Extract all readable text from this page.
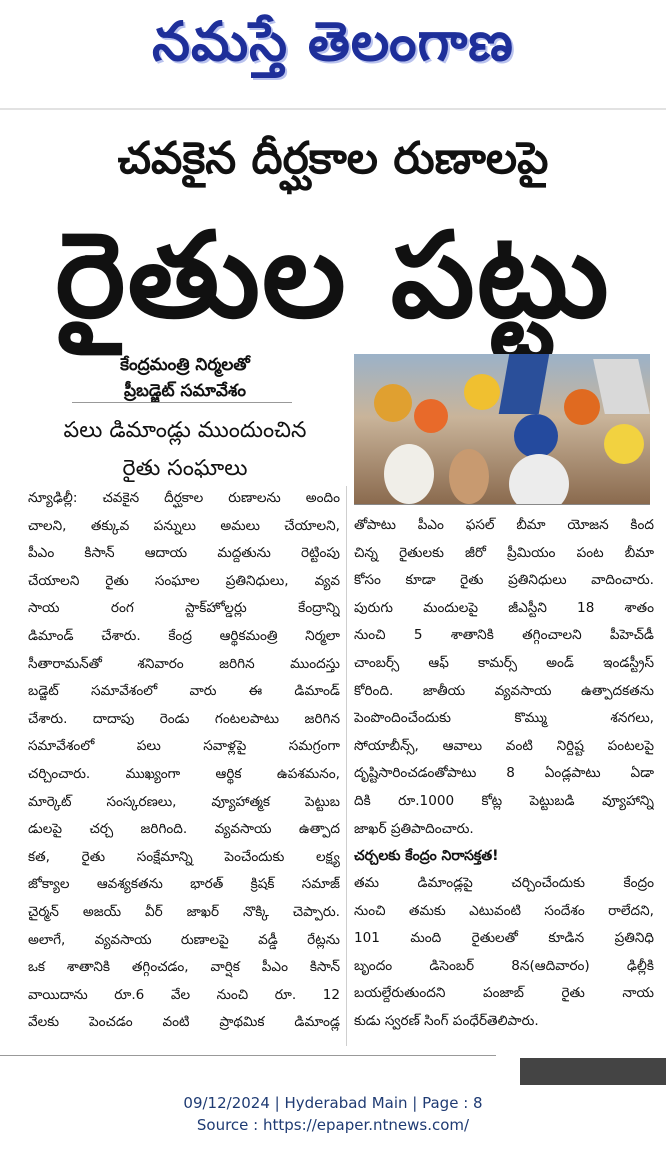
నమస్తే తెలంగాణ
చవకైన దీర్ఘకాల రుణాలపై
రైతుల పట్టు
కేంద్రమంత్రి నిర్మలతో
ప్రీబడ్జెట్ సమావేశం
పలు డిమాండ్లు ముందుంచిన
రైతు సంఘాలు
న్యూఢిల్లీ: చవకైన దీర్ఘకాల రుణాలను అందిం
చాలని, తక్కువ పన్నులు అమలు చేయాలని,
పీఎం కిసాన్ ఆదాయ మద్దతును రెట్టింపు
చేయాలని రైతు సంఘాల ప్రతినిధులు, వ్యవ
సాయ రంగ స్టాక్‌హోల్డర్లు కేంద్రాన్ని
డిమాండ్ చేశారు. కేంద్ర ఆర్థికమంత్రి నిర్మలా
సీతారామన్‌తో శనివారం జరిగిన ముందస్తు
బడ్జెట్ సమావేశంలో వారు ఈ డిమాండ్
చేశారు. దాదాపు రెండు గంటలపాటు జరిగిన
సమావేశంలో పలు సవాళ్లపై సమగ్రంగా
చర్చించారు. ముఖ్యంగా ఆర్థిక ఉపశమనం,
మార్కెట్ సంస్కరణలు, వ్యూహాత్మక పెట్టుబ
డులపై చర్చ జరిగింది. వ్యవసాయ ఉత్పాద
కత, రైతు సంక్షేమాన్ని పెంచేందుకు లక్ష్య
జోక్యాల ఆవశ్యకతను భారత్ క్రిషక్ సమాజ్
చైర్మన్ అజయ్ వీర్ జాఖర్ నొక్కి చెప్పారు.
అలాగే, వ్యవసాయ రుణాలపై వడ్డీ రేట్లను
ఒక శాతానికి తగ్గించడం, వార్షిక పీఎం కిసాన్
వాయిదాను రూ.6 వేల నుంచి రూ. 12
వేలకు పెంచడం వంటి ప్రాథమిక డిమాండ్ల
తోపాటు పీఎం ఫసల్ బీమా యోజన కింద
చిన్న రైతులకు జీరో ప్రీమియం పంట బీమా
కోసం కూడా రైతు ప్రతినిధులు వాదించారు.
పురుగు మందులపై జీఎస్టీని 18 శాతం
నుంచి 5 శాతానికి తగ్గించాలని పీహెచ్‌డీ
చాంబర్స్ ఆఫ్ కామర్స్ అండ్ ఇండస్ట్రీస్
కోరింది. జాతీయ వ్యవసాయ ఉత్పాదకతను
పెంపొందించేందుకు కొమ్ము శనగలు,
సోయాబీన్స్, ఆవాలు వంటి నిర్దిష్ట పంటలపై
దృష్టిసారించడంతోపాటు 8 ఏండ్లపాటు ఏడా
దికి రూ.1000 కోట్ల పెట్టుబడి వ్యూహాన్ని
జాఖర్ ప్రతిపాదించారు.
చర్చలకు కేంద్రం నిరాసక్తత!
తమ డిమాండ్లపై చర్చించేందుకు కేంద్రం
నుంచి తమకు ఎటువంటి సందేశం రాలేదని,
101 మంది రైతులతో కూడిన ప్రతినిధి
బృందం డిసెంబర్ 8న(ఆదివారం) ఢిల్లీకి
బయల్దేరుతుందని పంజాబ్ రైతు నాయ
కుడు స్వరణ్ సింగ్ పంధేర్‌తెలిపారు.
09/12/2024 | Hyderabad Main | Page : 8
Source : https://epaper.ntnews.com/
